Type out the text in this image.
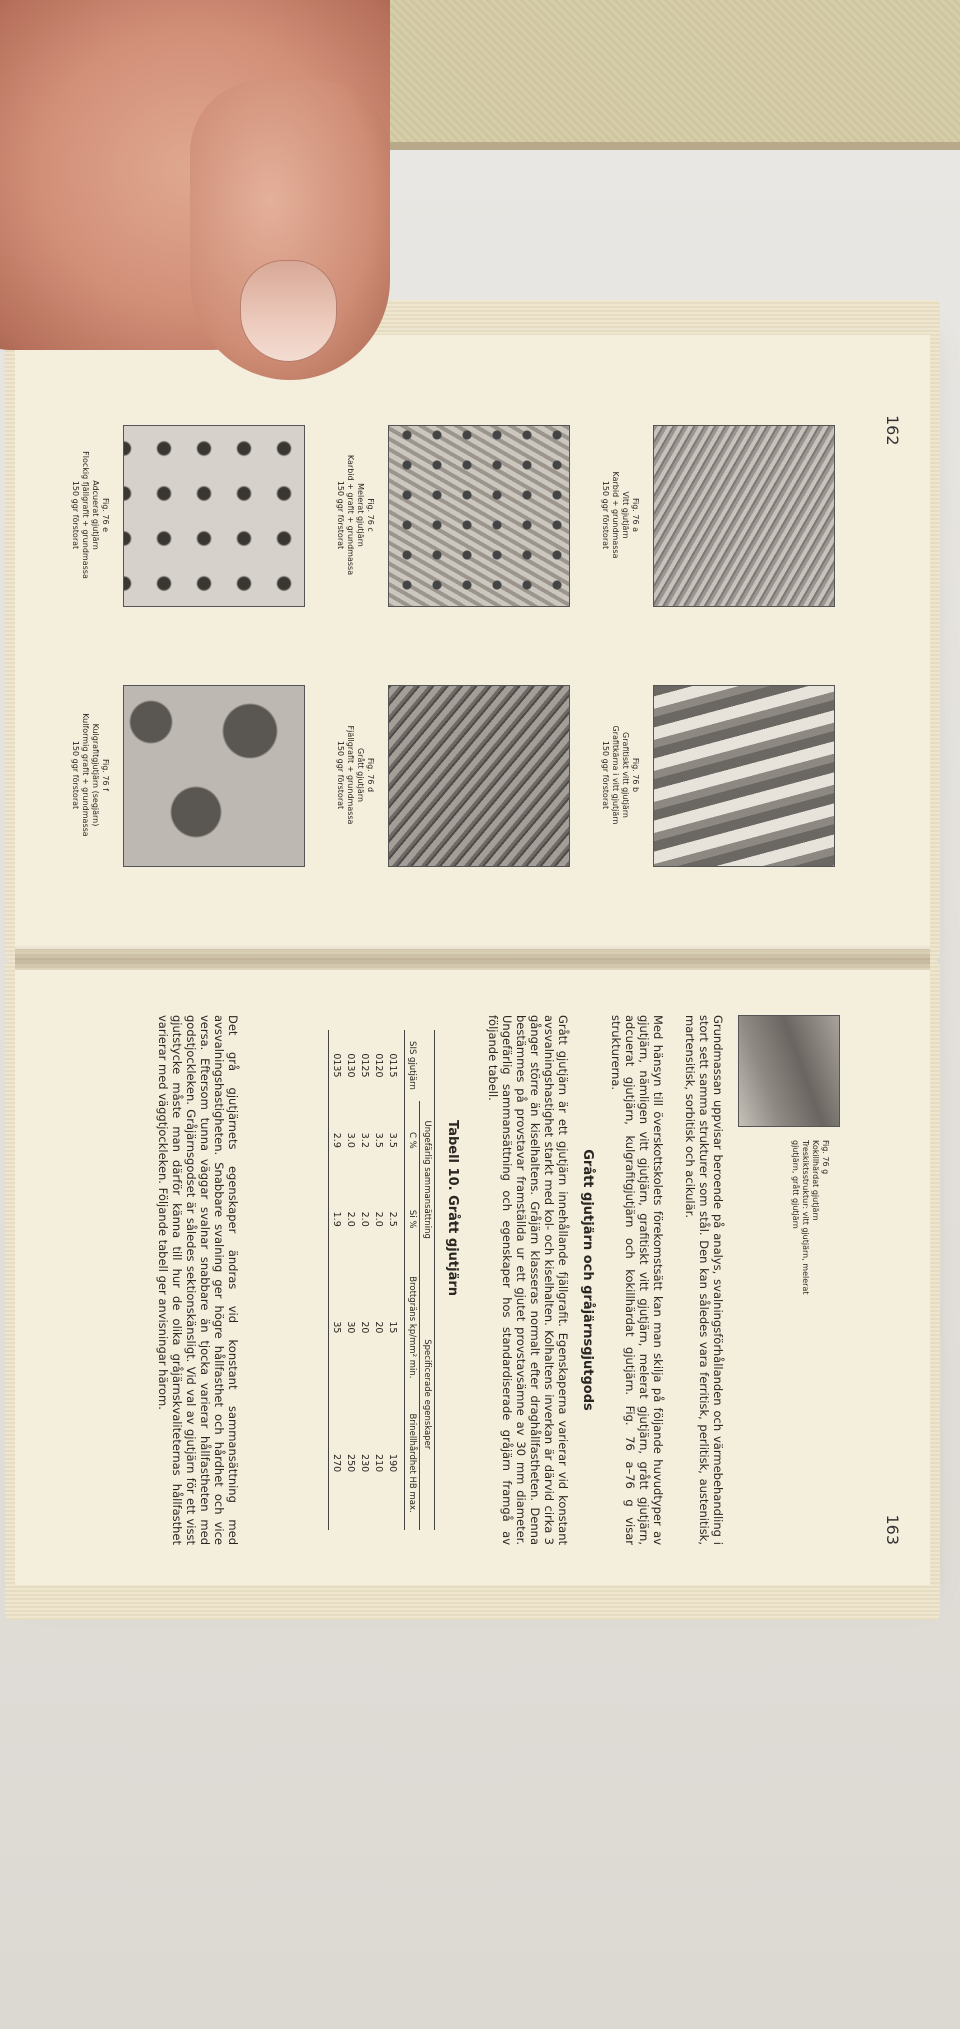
162
Fig. 76 a
Vitt gjutjärn
Karbid + grundmassa
150 ggr förstorat
Fig. 76 c
Melerat gjutjärn
Karbid + grafit + grundmassa
150 ggr förstorat
Fig. 76 e
Adcuerat gjutjärn
Flockig fjällgrafit + grundmassa
150 ggr förstorat
Fig. 76 b
Grafitiskt vitt gjutjärn
Grafitkärna i vitt gjutjärn
150 ggr förstorat
Fig. 76 d
Grått gjutjärn
Fjällgrafit + grundmassa
150 ggr förstorat
Fig. 76 f
Kulgrafitgjutjärn (segjärn)
Kulformig grafit + grundmassa
150 ggr förstorat
163
Fig. 76 g
Kokillhärdat gjutjärn
Treskiktsstruktur: vitt gjutjärn, melerat
gjutjärn, grått gjutjärn
Grundmassan uppvisar beroende på analys, svalningsförhållanden och värmebehandling i stort sett samma strukturer som stål. Den kan således vara ferritisk, perlitisk, austenitisk, martensitisk, sorbitisk och acikulär.
Med hänsyn till överskottskolets förekomstsätt kan man skilja på följande huvudtyper av gjutjärn, nämligen vitt gjutjärn, grafitiskt vitt gjutjärn, melerat gjutjärn, grått gjutjärn, adcuerat gjutjärn, kulgrafitgjutjärn och kokillhärdat gjutjärn. Fig. 76 a–76 g visar strukturerna.
Grått gjutjärn och gråjärnsgjutgods
Grått gjutjärn är ett gjutjärn innehållande fjällgrafit. Egenskaperna varierar vid konstant avsvalningshastighet starkt med kol- och kiselhalten. Kolhaltens inverkan är därvid cirka 3 gånger större än kiselhaltens. Gråjärn klasseras normalt efter draghållfastheten. Denna bestämmes på provstavar framställda ur ett gjutet provstavsämne av 30 mm diameter. Ungefärlig sammansättning och egenskaper hos standardiserade gråjärn framgå av följande tabell.
Tabell 10. Grått gjutjärn
SIS gjutjärn	Ungefärlig sammansättning		Specificerade egenskaper	
	C %	Si %	Brottgräns kp/mm² min.	Brinellhårdhet HB max.
0115	3.5	2.5	15	190
0120	3.5	2.0	20	210
0125	3.2	2.0	20	230
0130	3.0	2.0	30	250
0135	2.9	1.9	35	270
Det grå gjutjärnets egenskaper ändras vid konstant sammansättning med avsvalningshastigheten. Snabbare svalning ger högre hållfasthet och hårdhet och vice versa. Eftersom tunna väggar svalnar snabbare än tjocka varierar hållfastheten med godstjockleken. Gråjärnsgodset är således sektionskänsligt. Vid val av gjutjärn för ett visst gjutstycke måste man därför känna till hur de olika gråjärnskvaliteternas hållfasthet varierar med väggtjockleken. Följande tabell ger anvisningar härom.
